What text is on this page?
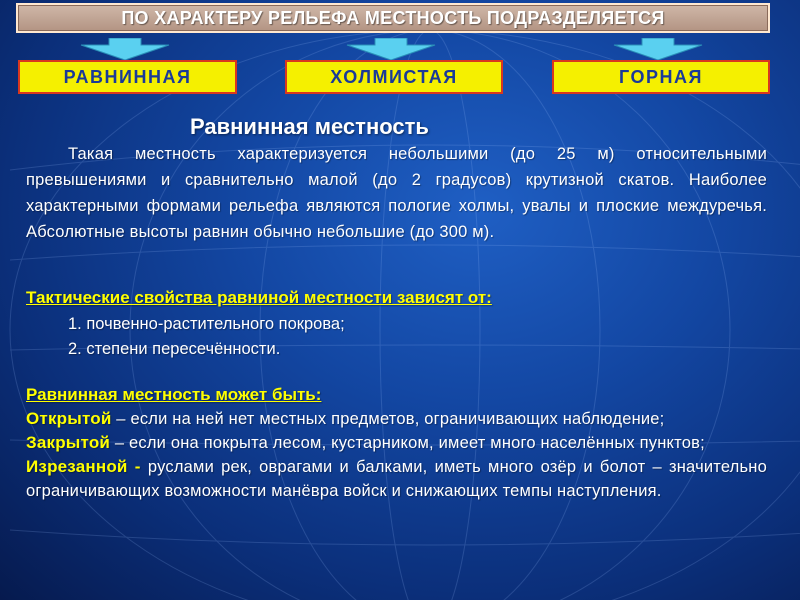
ПО ХАРАКТЕРУ РЕЛЬЕФА МЕСТНОСТЬ ПОДРАЗДЕЛЯЕТСЯ
РАВНИННАЯ	ХОЛМИСТАЯ	ГОРНАЯ
Равнинная местность
Такая местность характеризуется небольшими (до 25 м) относительными превышениями и сравнительно малой (до 2 градусов) крутизной скатов. Наиболее характерными формами рельефа являются пологие холмы, увалы и плоские междуречья. Абсолютные высоты равнин обычно небольшие (до 300 м).
Тактические свойства равниной местности зависят от:
1. почвенно-растительного покрова;
2. степени пересечённости.
Равнинная местность может быть:

Открытой – если на ней нет местных предметов, ограничивающих наблюдение;

Закрытой – если она покрыта лесом, кустарником, имеет много населённых пунктов;

Изрезанной - руслами рек, оврагами и балками, иметь много озёр и болот – значительно ограничивающих возможности манёвра войск и снижающих темпы наступления.
